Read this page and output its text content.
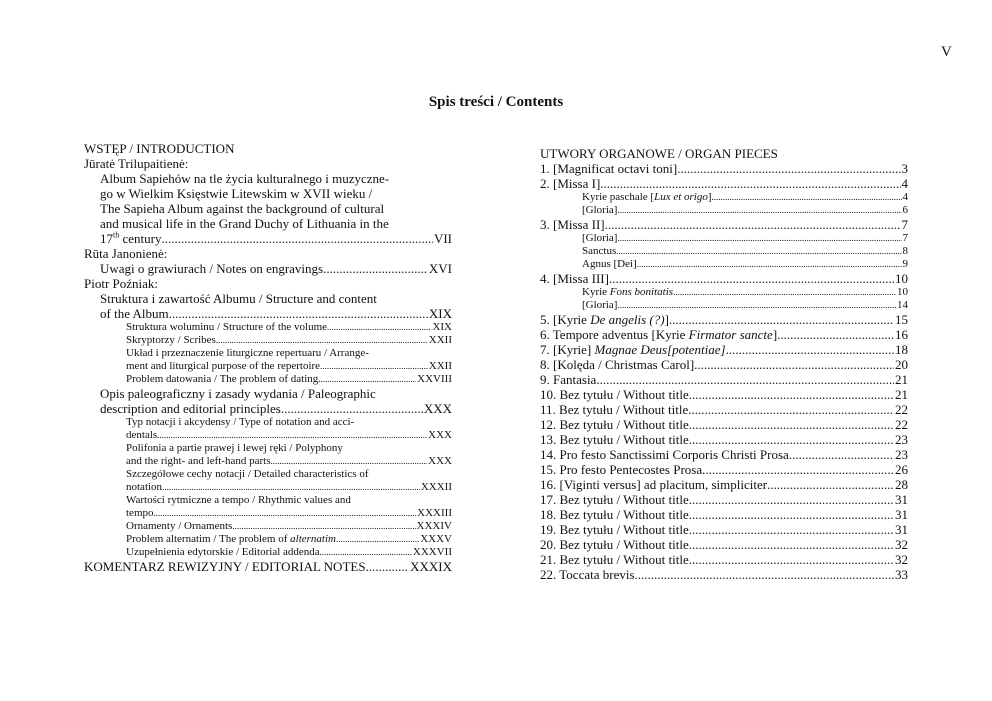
V
Spis treści / Contents
WSTĘP / INTRODUCTION
Jūratė Trilupaitienė:
Album Sapiehów na tle życia kulturalnego i muzyczne-
go w Wielkim Księstwie Litewskim w XVII wieku /
The Sapieha Album against the background of cultural
and musical life in the Grand Duchy of Lithuania in the
17th century .....	VII
Rūta Janonienė:
Uwagi o grawiurach / Notes on engravings .....	XVI
Piotr Poźniak:
Struktura i zawartość Albumu / Structure and content
of the Album .....	XIX
Struktura woluminu / Structure of the volume .....	XIX
Skryptorzy / Scribes .....	XXII
Układ i przeznaczenie liturgiczne repertuaru / Arrange-
ment and liturgical purpose of the repertoire .....	XXII
Problem datowania / The problem of dating .....	XXVIII
Opis paleograficzny i zasady wydania / Paleographic
description and editorial principles. .....	XXX
Typ notacji i akcydensy / Type of notation and acci-
dentals .....	XXX
Polifonia a partie prawej i lewej ręki / Polyphony
and the right- and left-hand parts .....	XXX
Szczegółowe cechy notacji / Detailed characteristics of
notation .....	XXXII
Wartości rytmiczne a tempo / Rhythmic values and
tempo .....	XXXIII
Ornamenty / Ornaments .....	XXXIV
Problem alternatim / The problem of alternatim .....	XXXV
Uzupełnienia edytorskie / Editorial addenda .....	XXXVII
KOMENTARZ REWIZYJNY / EDITORIAL NOTES .....	XXXIX
UTWORY ORGANOWE / ORGAN PIECES
1. [Magnificat octavi toni] .....	3
2. [Missa I] .....	4
Kyrie paschale [Lux et origo] .....	4
[Gloria] .....	6
3. [Missa II] .....	7
[Gloria] .....	7
Sanctus .....	8
Agnus [Dei] .....	9
4. [Missa III] .....	10
Kyrie Fons bonitatis .....	10
[Gloria] .....	14
5. [Kyrie De angelis (?)] .....	15
6. Tempore adventus [Kyrie Firmator sancte] .....	16
7. [Kyrie] Magnae Deus[potentiae] .....	18
8. [Kolęda / Christmas Carol] .....	20
9. Fantasia .....	21
10. Bez tytułu / Without title .....	21
11. Bez tytułu / Without title .....	22
12. Bez tytułu / Without title .....	22
13. Bez tytułu / Without title .....	23
14. Pro festo Sanctissimi Corporis Christi Prosa .....	23
15. Pro festo Pentecostes Prosa .....	26
16. [Viginti versus] ad placitum, simpliciter .....	28
17. Bez tytułu / Without title .....	31
18. Bez tytułu / Without title .....	31
19. Bez tytułu / Without title .....	31
20. Bez tytułu / Without title .....	32
21. Bez tytułu / Without title .....	32
22. Toccata brevis .....	33
